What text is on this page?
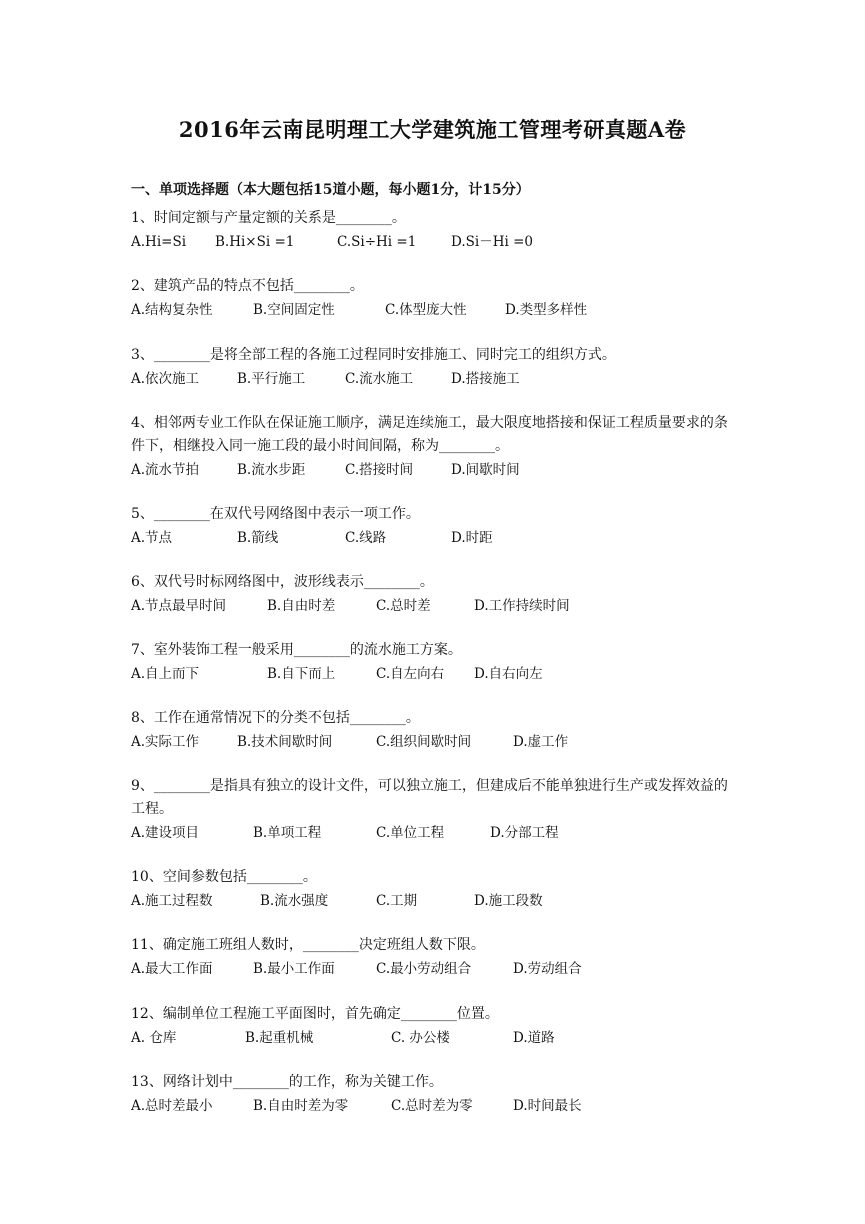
2016年云南昆明理工大学建筑施工管理考研真题A卷
一、单项选择题（本大题包括15道小题，每小题1分，计15分）

1、时间定额与产量定额的关系是________。

A.Hi=Si B.Hi×Si =1	C.Si÷Hi =1	D.Si－Hi =0

2、建筑产品的特点不包括________。

A.结构复杂性	B.空间固定性	C.体型庞大性	D.类型多样性

3、________是将全部工程的各施工过程同时安排施工、同时完工的组织方式。

A.依次施工	B.平行施工	C.流水施工	D.搭接施工

4、相邻两专业工作队在保证施工顺序，满足连续施工，最大限度地搭接和保证工程质量要求的条件下，相继投入同一施工段的最小时间间隔，称为________。

A.流水节拍	B.流水步距	C.搭接时间	D.间歇时间

5、________在双代号网络图中表示一项工作。

A.节点	B.箭线	C.线路	D.时距

6、双代号时标网络图中，波形线表示________。

A.节点最早时间	B.自由时差	C.总时差	D.工作持续时间

7、室外装饰工程一般采用________的流水施工方案。

A.自上而下	B.自下而上	C.自左向右 D.自右向左

8、工作在通常情况下的分类不包括________。

A.实际工作	B.技术间歇时间	C.组织间歇时间	D.虚工作

9、________是指具有独立的设计文件，可以独立施工，但建成后不能单独进行生产或发挥效益的工程。

A.建设项目	B.单项工程	C.单位工程	D.分部工程

10、空间参数包括________。

A.施工过程数	B.流水强度	C.工期	D.施工段数

11、确定施工班组人数时，________决定班组人数下限。

A.最大工作面	B.最小工作面	C.最小劳动组合	D.劳动组合

12、编制单位工程施工平面图时，首先确定________位置。

A. 仓库	B.起重机械	C. 办公楼	D.道路

13、网络计划中________的工作，称为关键工作。

A.总时差最小	B.自由时差为零	C.总时差为零	D.时间最长
